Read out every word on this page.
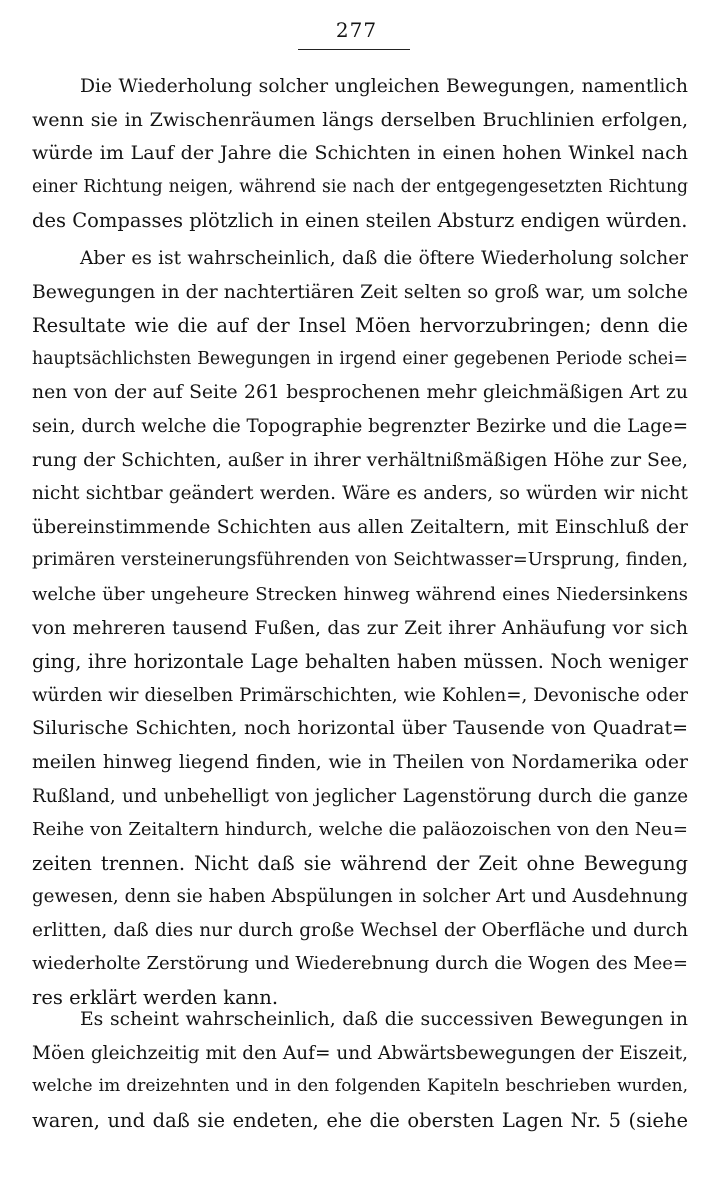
277
Die Wiederholung solcher ungleichen Bewegungen, namentlich
wenn sie in Zwischenräumen längs derselben Bruchlinien erfolgen,
würde im Lauf der Jahre die Schichten in einen hohen Winkel nach
einer Richtung neigen, während sie nach der entgegengesetzten Richtung
des Compasses plötzlich in einen steilen Absturz endigen würden.
Aber es ist wahrscheinlich, daß die öftere Wiederholung solcher
Bewegungen in der nachtertiären Zeit selten so groß war, um solche
Resultate wie die auf der Insel Möen hervorzubringen; denn die
hauptsächlichsten Bewegungen in irgend einer gegebenen Periode schei=
nen von der auf Seite 261 besprochenen mehr gleichmäßigen Art zu
sein, durch welche die Topographie begrenzter Bezirke und die Lage=
rung der Schichten, außer in ihrer verhältnißmäßigen Höhe zur See,
nicht sichtbar geändert werden. Wäre es anders, so würden wir nicht
übereinstimmende Schichten aus allen Zeitaltern, mit Einschluß der
primären versteinerungsführenden von Seichtwasser=Ursprung, finden,
welche über ungeheure Strecken hinweg während eines Niedersinkens
von mehreren tausend Fußen, das zur Zeit ihrer Anhäufung vor sich
ging, ihre horizontale Lage behalten haben müssen. Noch weniger
würden wir dieselben Primärschichten, wie Kohlen=, Devonische oder
Silurische Schichten, noch horizontal über Tausende von Quadrat=
meilen hinweg liegend finden, wie in Theilen von Nordamerika oder
Rußland, und unbehelligt von jeglicher Lagenstörung durch die ganze
Reihe von Zeitaltern hindurch, welche die paläozoischen von den Neu=
zeiten trennen. Nicht daß sie während der Zeit ohne Bewegung
gewesen, denn sie haben Abspülungen in solcher Art und Ausdehnung
erlitten, daß dies nur durch große Wechsel der Oberfläche und durch
wiederholte Zerstörung und Wiederebnung durch die Wogen des Mee=
res erklärt werden kann.
Es scheint wahrscheinlich, daß die successiven Bewegungen in
Möen gleichzeitig mit den Auf= und Abwärtsbewegungen der Eiszeit,
welche im dreizehnten und in den folgenden Kapiteln beschrieben wurden,
waren, und daß sie endeten, ehe die obersten Lagen Nr. 5 (siehe
